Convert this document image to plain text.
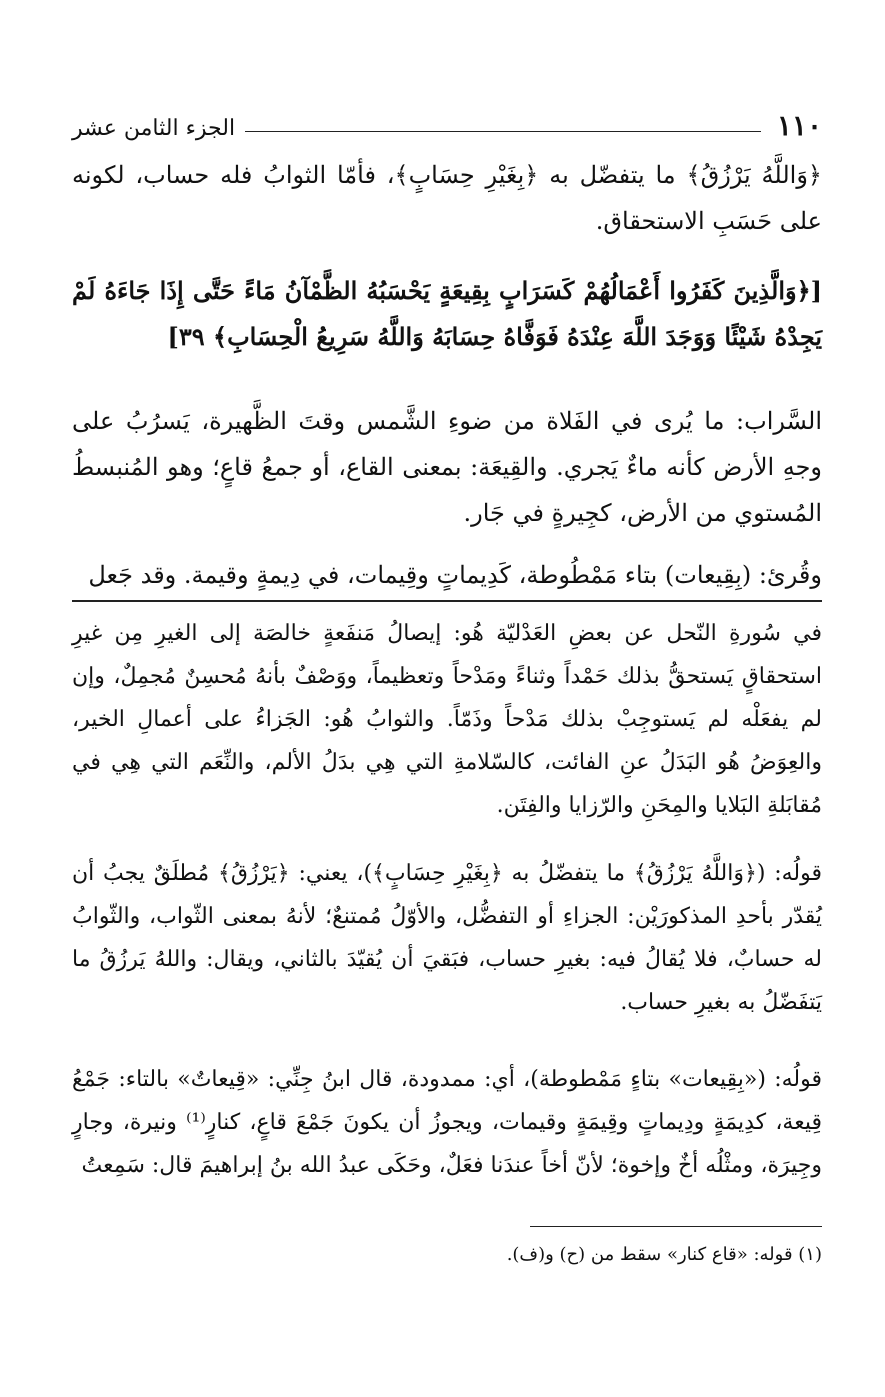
١١٠
الجزء الثامن عشر

﴿وَاللَّهُ يَرْزُقُ﴾ ما يتفضّل به ﴿بِغَيْرِ حِسَابٍ﴾، فأمّا الثوابُ فله حساب، لكونه على حَسَبِ الاستحقاق.

[﴿وَالَّذِينَ كَفَرُوا أَعْمَالُهُمْ كَسَرَابٍ بِقِيعَةٍ يَحْسَبُهُ الظَّمْآنُ مَاءً حَتَّى إِذَا جَاءَهُ لَمْ يَجِدْهُ شَيْئًا وَوَجَدَ اللَّهَ عِنْدَهُ فَوَفَّاهُ حِسَابَهُ وَاللَّهُ سَرِيعُ الْحِسَابِ﴾ ٣٩]

السَّراب: ما يُرى في الفَلاة من ضوءِ الشَّمس وقتَ الظَّهيرة، يَسرُبُ على وجهِ الأرض كأنه ماءٌ يَجري. والقِيعَة: بمعنى القاع، أو جمعُ قاعٍ؛ وهو المُنبسطُ المُستوي من الأرض، كجِيرةٍ في جَار.

وقُرئ: (بِقِيعات) بتاء مَمْطُوطة، كَدِيماتٍ وقِيمات، في دِيمةٍ وقيمة. وقد جَعل

في سُورةِ النّحل عن بعضِ العَدْليّة هُو: إيصالُ مَنفَعةٍ خالصَة إلى الغيرِ مِن غيرِ استحقاقٍ يَستحقُّ بذلك حَمْداً وثناءً ومَدْحاً وتعظيماً، ووَصْفٌ بأنهُ مُحسِنٌ مُجمِلٌ، وإن لم يفعَلْه لم يَستوجِبْ بذلك مَدْحاً وذَمّاً. والثوابُ هُو: الجَزاءُ على أعمالِ الخير، والعِوَضُ هُو البَدَلُ عنِ الفائت، كالسّلامةِ التي هِي بدَلُ الألم، والنِّعَم التي هِي في مُقابَلةِ البَلايا والمِحَنِ والرّزايا والفِتَن.

قولُه: (﴿وَاللَّهُ يَرْزُقُ﴾ ما يتفضّلُ به ﴿بِغَيْرِ حِسَابٍ﴾)، يعني: ﴿يَرْزُقُ﴾ مُطلَقٌ يجبُ أن يُقدّر بأحدِ المذكورَيْن: الجزاءِ أو التفضُّل، والأوّلُ مُمتنعٌ؛ لأنهُ بمعنى الثّواب، والثّوابُ له حسابٌ، فلا يُقالُ فيه: بغيرِ حساب، فبَقيَ أن يُقيّدَ بالثاني، ويقال: واللهُ يَرزُقُ ما يَتفَضّلُ به بغيرِ حساب.

قولُه: («بِقِيعات» بتاءٍ مَمْطوطة)، أي: ممدودة، قال ابنُ جِنِّي: «قِيعاتٌ» بالتاء: جَمْعُ قِيعة، كدِيمَةٍ ودِيماتٍ وقِيمَةٍ وقيمات، ويجوزُ أن يكونَ جَمْعَ قاعٍ، كنارٍ⁽¹⁾ ونيرة، وجارٍ وجِيرَة، ومثْلُه أخٌ وإخوة؛ لأنّ أخاً عندَنا فعَلٌ، وحَكَى عبدُ الله بنُ إبراهيمَ قال: سَمِعتُ

(١) قوله: «قاع كنار» سقط من (ح) و(ف).
